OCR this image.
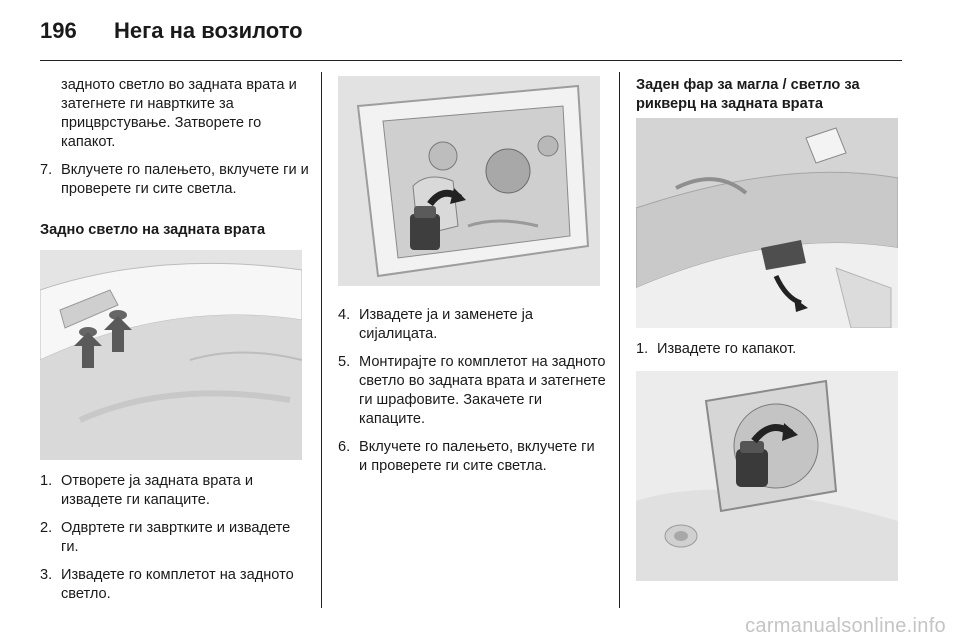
196 Нега на возилото
задното светло во задната врата и затегнете ги навртките за прицврстување. Затворете го капакот.
7. Вклучете го палењето, вклучете ги и проверете ги сите светла.
Задно светло на задната врата
1. Отворете ја задната врата и извадете ги капаците.
2. Одвртете ги завртките и извадете ги.
3. Извадете го комплетот на задното светло.
4. Извадете ја и заменете ја сијалицата.
5. Монтирајте го комплетот на задното светло во задната врата и затегнете ги шрафовите. Закачете ги капаците.
6. Вклучете го палењето, вклучете ги и проверете ги сите светла.
Заден фар за магла / светло за рикверц на задната врата
1. Извадете го капакот.
carmanualsonline.info
